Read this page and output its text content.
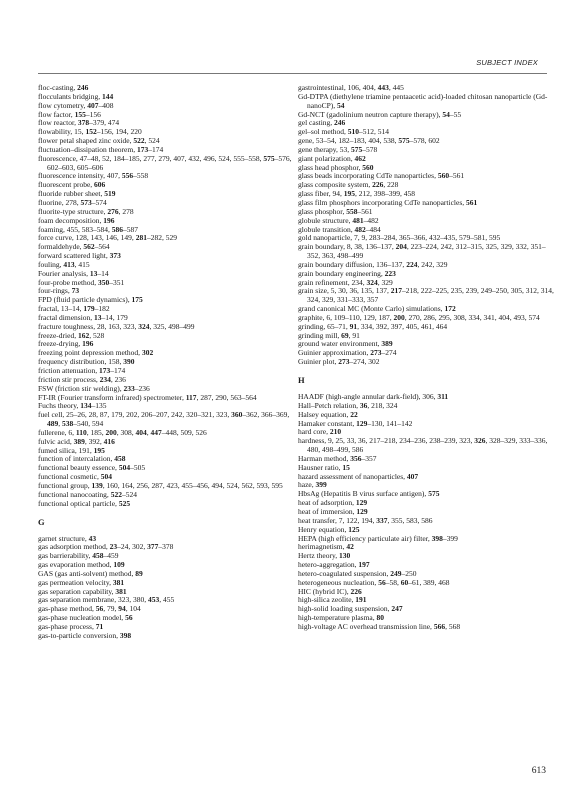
SUBJECT INDEX
floc-casting, 246
flocculants bridging, 144
flow cytometry, 407–408
flow factor, 155–156
flow reactor, 378–379, 474
flowability, 15, 152–156, 194, 220
flower petal shaped zinc oxide, 522, 524
fluctuation–dissipation theorem, 173–174
fluorescence, 47–48, 52, 184–185, 277, 279, 407, 432, 496, 524, 555–558, 575–576, 602–603, 605–606
fluorescence intensity, 407, 556–558
fluorescent probe, 606
fluoride rubber sheet, 519
fluorine, 278, 573–574
fluorite-type structure, 276, 278
foam decomposition, 196
foaming, 455, 583–584, 586–587
force curve, 128, 143, 146, 149, 281–282, 529
formaldehyde, 562–564
forward scattered light, 373
fouling, 413, 415
Fourier analysis, 13–14
four-probe method, 350–351
four-rings, 73
FPD (fluid particle dynamics), 175
fractal, 13–14, 179–182
fractal dimension, 13–14, 179
fracture toughness, 28, 163, 323, 324, 325, 498–499
freeze-dried, 162, 528
freeze-drying, 196
freezing point depression method, 302
frequency distribution, 158, 390
friction attenuation, 173–174
friction stir process, 234, 236
FSW (friction stir welding), 233–236
FT-IR (Fourier transform infrared) spectrometer, 117, 287, 290, 563–564
Fuchs theory, 134–135
fuel cell, 25–26, 28, 87, 179, 202, 206–207, 242, 320–321, 323, 360–362, 366–369, 489, 538–540, 594
fullerene, 6, 110, 185, 200, 308, 404, 447–448, 509, 526
fulvic acid, 389, 392, 416
fumed silica, 191, 195
function of intercalation, 458
functional beauty essence, 504–505
functional cosmetic, 504
functional group, 139, 160, 164, 256, 287, 423, 455–456, 494, 524, 562, 593, 595
functional nanocoating, 522–524
functional optical particle, 525
G
garnet structure, 43
gas adsorption method, 23–24, 302, 377–378
gas barrierability, 458–459
gas evaporation method, 109
GAS (gas anti-solvent) method, 89
gas permeation velocity, 381
gas separation capability, 381
gas separation membrane, 323, 380, 453, 455
gas-phase method, 56, 79, 94, 104
gas-phase nucleation model, 56
gas-phase process, 71
gas-to-particle conversion, 398
gastrointestinal, 106, 404, 443, 445
Gd-DTPA (diethylene triamine pentaacetic acid)-loaded chitosan nanoparticle (Gd-nanoCP), 54
Gd-NCT (gadolinium neutron capture therapy), 54–55
gel casting, 246
gel–sol method, 510–512, 514
gene, 53–54, 182–183, 404, 538, 575–578, 602
gene therapy, 53, 575–578
giant polarization, 462
glass head phosphor, 560
glass beads incorporating CdTe nanoparticles, 560–561
glass composite system, 226, 228
glass fiber, 94, 195, 212, 398–399, 458
glass film phosphors incorporating CdTe nanoparticles, 561
glass phosphor, 558–561
globule structure, 481–482
globule transition, 482–484
gold nanoparticle, 7, 9, 283–284, 365–366, 432–435, 579–581, 595
grain boundary, 8, 38, 136–137, 204, 223–224, 242, 312–315, 325, 329, 332, 351–352, 363, 498–499
grain boundary diffusion, 136–137, 224, 242, 329
grain boundary engineering, 223
grain refinement, 234, 324, 329
grain size, 5, 30, 36, 135, 137, 217–218, 222–225, 235, 239, 249–250, 305, 312, 314, 324, 329, 331–333, 357
grand canonical MC (Monte Carlo) simulations, 172
graphite, 6, 109–110, 129, 187, 200, 270, 286, 295, 308, 334, 341, 404, 493, 574
grinding, 65–71, 91, 334, 392, 397, 405, 461, 464
grinding mill, 69, 91
ground water environment, 389
Guinier approximation, 273–274
Guinier plot, 273–274, 302
H
HAADF (high-angle annular dark-field), 306, 311
Hall–Petch relation, 36, 218, 324
Halsey equation, 22
Hamaker constant, 129–130, 141–142
hard core, 210
hardness, 9, 25, 33, 36, 217–218, 234–236, 238–239, 323, 326, 328–329, 333–336, 480, 498–499, 586
Harman method, 356–357
Hausner ratio, 15
hazard assessment of nanoparticles, 407
haze, 399
HbsAg (Hepatitis B virus surface antigen), 575
heat of adsorption, 129
heat of immersion, 129
heat transfer, 7, 122, 194, 337, 355, 583, 586
Henry equation, 125
HEPA (high efficiency particulate air) filter, 398–399
herimagnetism, 42
Hertz theory, 130
hetero-aggregation, 197
hetero-coagulated suspension, 249–250
heterogeneous nucleation, 56–58, 60–61, 389, 468
HIC (hybrid IC), 226
high-silica zeolite, 191
high-solid loading suspension, 247
high-temperature plasma, 80
high-voltage AC overhead transmission line, 566, 568
613
